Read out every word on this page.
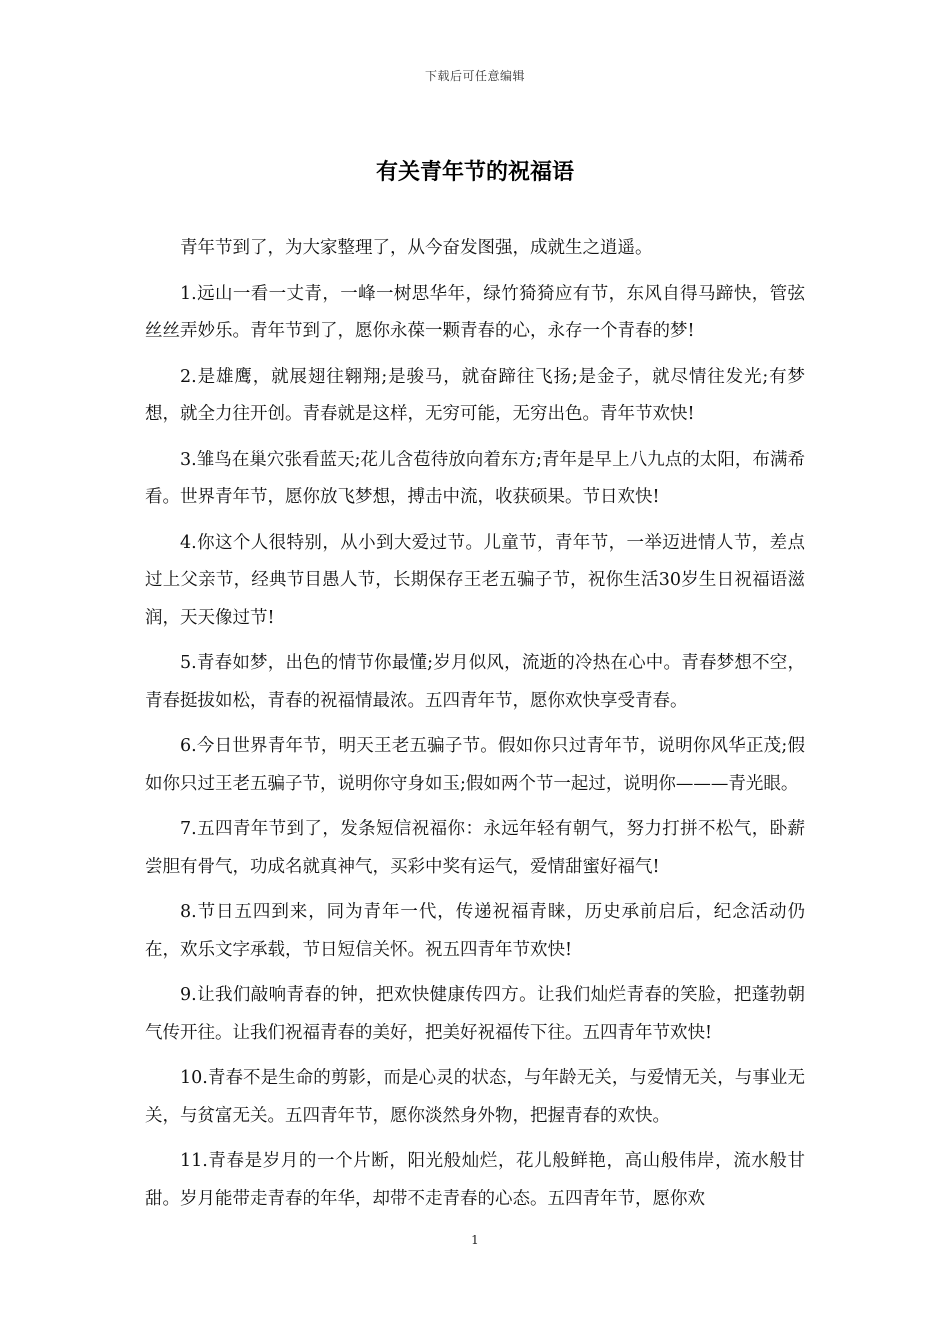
下载后可任意编辑
有关青年节的祝福语

青年节到了，为大家整理了，从今奋发图强，成就生之逍遥。

1.远山一看一丈青，一峰一树思华年，绿竹猗猗应有节，东风自得马蹄快，管弦丝丝弄妙乐。青年节到了，愿你永葆一颗青春的心，永存一个青春的梦!

2.是雄鹰，就展翅往翱翔;是骏马，就奋蹄往飞扬;是金子，就尽情往发光;有梦想，就全力往开创。青春就是这样，无穷可能，无穷出色。青年节欢快!

3.雏鸟在巢穴张看蓝天;花儿含苞待放向着东方;青年是早上八九点的太阳，布满希看。世界青年节，愿你放飞梦想，搏击中流，收获硕果。节日欢快!

4.你这个人很特别，从小到大爱过节。儿童节，青年节，一举迈进情人节，差点过上父亲节，经典节目愚人节，长期保存王老五骗子节，祝你生活30岁生日祝福语滋润，天天像过节!

5.青春如梦，出色的情节你最懂;岁月似风，流逝的冷热在心中。青春梦想不空，青春挺拔如松，青春的祝福情最浓。五四青年节，愿你欢快享受青春。

6.今日世界青年节，明天王老五骗子节。假如你只过青年节，说明你风华正茂;假如你只过王老五骗子节，说明你守身如玉;假如两个节一起过，说明你———青光眼。

7.五四青年节到了，发条短信祝福你：永远年轻有朝气，努力打拼不松气，卧薪尝胆有骨气，功成名就真神气，买彩中奖有运气，爱情甜蜜好福气!

8.节日五四到来，同为青年一代，传递祝福青睐，历史承前启后，纪念活动仍在，欢乐文字承载，节日短信关怀。祝五四青年节欢快!

9.让我们敲响青春的钟，把欢快健康传四方。让我们灿烂青春的笑脸，把蓬勃朝气传开往。让我们祝福青春的美好，把美好祝福传下往。五四青年节欢快!

10.青春不是生命的剪影，而是心灵的状态，与年龄无关，与爱情无关，与事业无关，与贫富无关。五四青年节，愿你淡然身外物，把握青春的欢快。

11.青春是岁月的一个片断，阳光般灿烂，花儿般鲜艳，高山般伟岸，流水般甘甜。岁月能带走青春的年华，却带不走青春的心态。五四青年节，愿你欢

1
